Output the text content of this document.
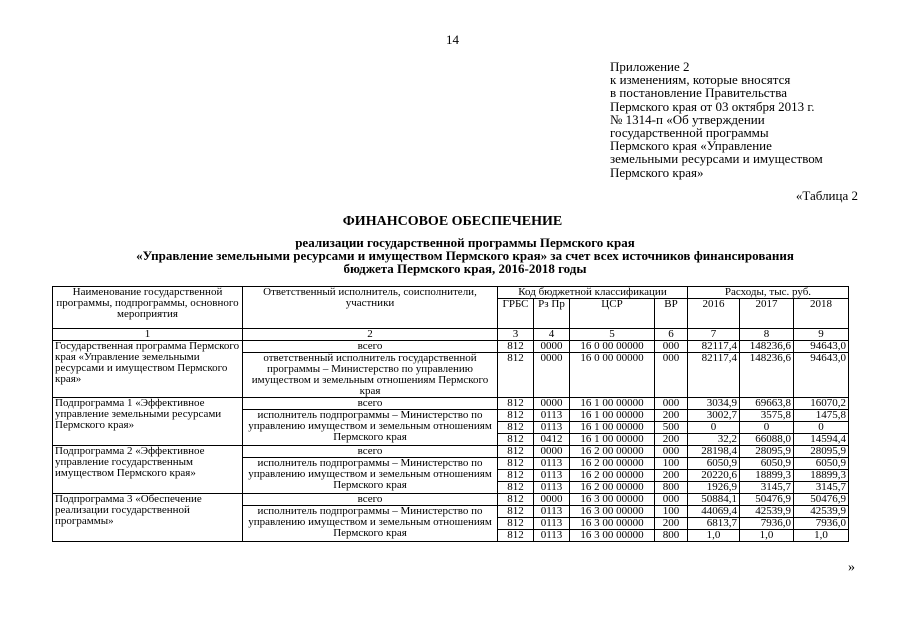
14
Приложение 2
к изменениям, которые вносятся
в постановление Правительства
Пермского края от 03 октября 2013 г.
№ 1314-п «Об утверждении
государственной программы
Пермского края «Управление
земельными ресурсами и имуществом
Пермского края»
«Таблица 2
ФИНАНСОВОЕ ОБЕСПЕЧЕНИЕ
реализации государственной программы Пермского края
«Управление земельными ресурсами и имуществом Пермского края» за счет всех источников финансирования
бюджета Пермского края, 2016-2018 годы
Наименование государственной программы, подпрограммы, основного мероприятия	Ответственный исполнитель, соисполнители, участники	Код бюджетной классификации				Расходы, тыс. руб.		
		ГРБС	Рз Пр	ЦСР	ВР	2016	2017	2018
1	2	3	4	5	6	7	8	9
Государственная программа Пермского края «Управление земельными ресурсами и имуществом Пермского края»	всего	812	0000	16 0 00 00000	000	82117,4	148236,6	94643,0
	ответственный исполнитель государственной программы – Министерство по управлению имуществом и земельным отношениям Пермского края	812	0000	16 0 00 00000	000	82117,4	148236,6	94643,0
Подпрограмма 1 «Эффективное управление земельными ресурсами Пермского края»	всего	812	0000	16 1 00 00000	000	3034,9	69663,8	16070,2
	исполнитель подпрограммы – Министерство по управлению имуществом и земельным отношениям Пермского края	812	0113	16 1 00 00000	200	3002,7	3575,8	1475,8
		812	0113	16 1 00 00000	500	0	0	0
		812	0412	16 1 00 00000	200	32,2	66088,0	14594,4
Подпрограмма 2 «Эффективное управление государственным имуществом Пермского края»	всего	812	0000	16 2 00 00000	000	28198,4	28095,9	28095,9
	исполнитель подпрограммы – Министерство по управлению имуществом и земельным отношениям Пермского края	812	0113	16 2 00 00000	100	6050,9	6050,9	6050,9
		812	0113	16 2 00 00000	200	20220,6	18899,3	18899,3
		812	0113	16 2 00 00000	800	1926,9	3145,7	3145,7
Подпрограмма 3 «Обеспечение реализации государственной программы»	всего	812	0000	16 3 00 00000	000	50884,1	50476,9	50476,9
	исполнитель подпрограммы – Министерство по управлению имуществом и земельным отношениям Пермского края	812	0113	16 3 00 00000	100	44069,4	42539,9	42539,9
		812	0113	16 3 00 00000	200	6813,7	7936,0	7936,0
		812	0113	16 3 00 00000	800	1,0	1,0	1,0
»
